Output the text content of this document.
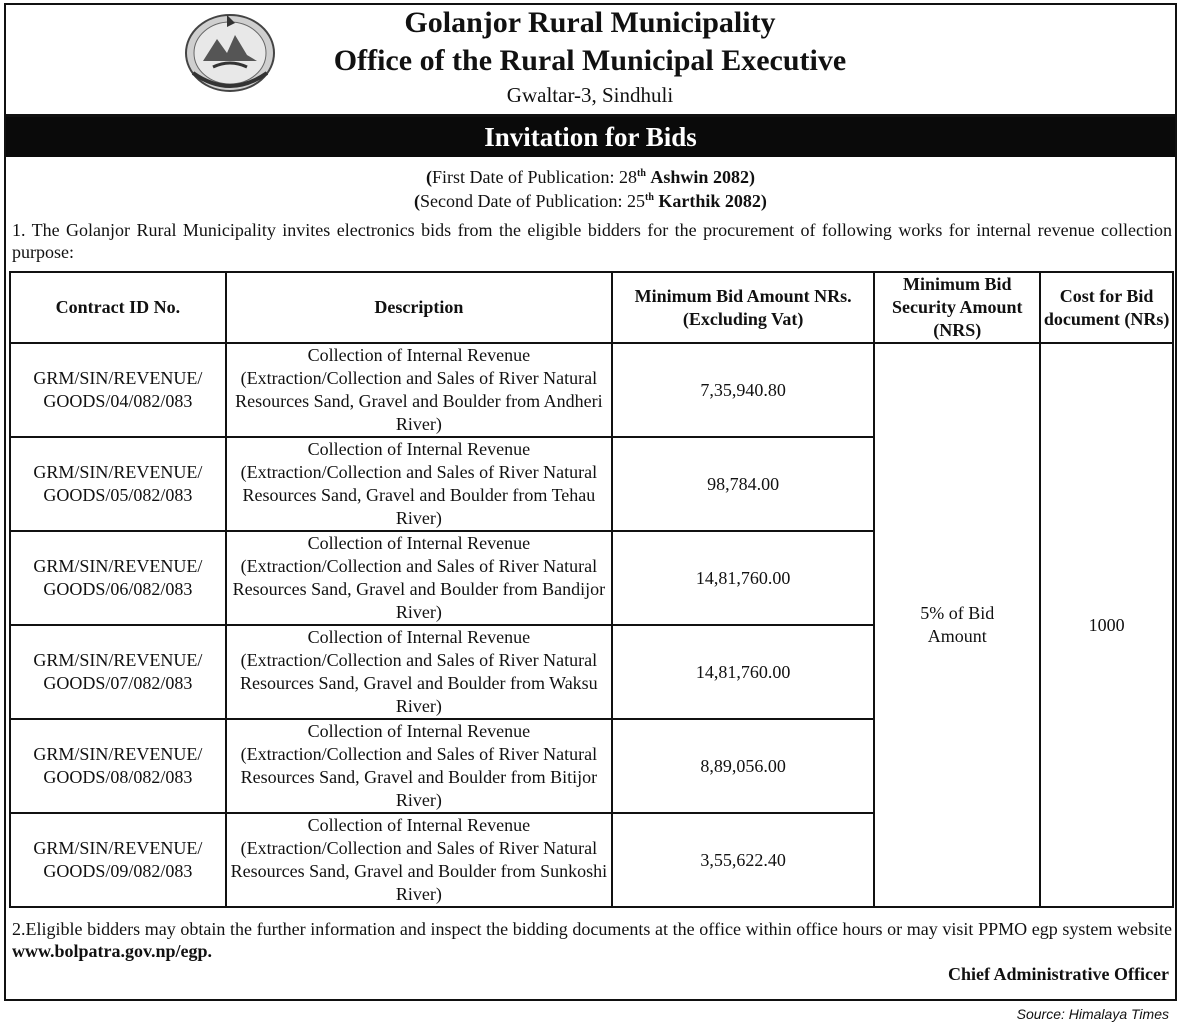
Golanjor Rural Municipality
Office of the Rural Municipal Executive
Gwaltar-3, Sindhuli
Invitation for Bids
(First Date of Publication: 28th Ashwin 2082)
(Second Date of Publication: 25th Karthik 2082)
1. The Golanjor Rural Municipality invites electronics bids from the eligible bidders for the procurement of following works for internal revenue collection purpose:
Contract ID No.	Description	Minimum Bid Amount NRs. (Excluding Vat)	Minimum Bid Security Amount (NRS)	Cost for Bid document (NRs)
GRM/SIN/REVENUE/ GOODS/04/082/083	Collection of Internal Revenue (Extraction/Collection and Sales of River Natural Resources Sand, Gravel and Boulder from Andheri River)	7,35,940.80	5% of Bid Amount	1000
GRM/SIN/REVENUE/ GOODS/05/082/083	Collection of Internal Revenue (Extraction/Collection and Sales of River Natural Resources Sand, Gravel and Boulder from Tehau River)	98,784.00		
GRM/SIN/REVENUE/ GOODS/06/082/083	Collection of Internal Revenue (Extraction/Collection and Sales of River Natural Resources Sand, Gravel and Boulder from Bandijor River)	14,81,760.00		
GRM/SIN/REVENUE/ GOODS/07/082/083	Collection of Internal Revenue (Extraction/Collection and Sales of River Natural Resources Sand, Gravel and Boulder from Waksu River)	14,81,760.00		
GRM/SIN/REVENUE/ GOODS/08/082/083	Collection of Internal Revenue (Extraction/Collection and Sales of River Natural Resources Sand, Gravel and Boulder from Bitijor River)	8,89,056.00		
GRM/SIN/REVENUE/ GOODS/09/082/083	Collection of Internal Revenue (Extraction/Collection and Sales of River Natural Resources Sand, Gravel and Boulder from Sunkoshi River)	3,55,622.40		
2.Eligible bidders may obtain the further information and inspect the bidding documents at the office within office hours or may visit PPMO egp system website www.bolpatra.gov.np/egp.
Chief Administrative Officer
Source: Himalaya Times
